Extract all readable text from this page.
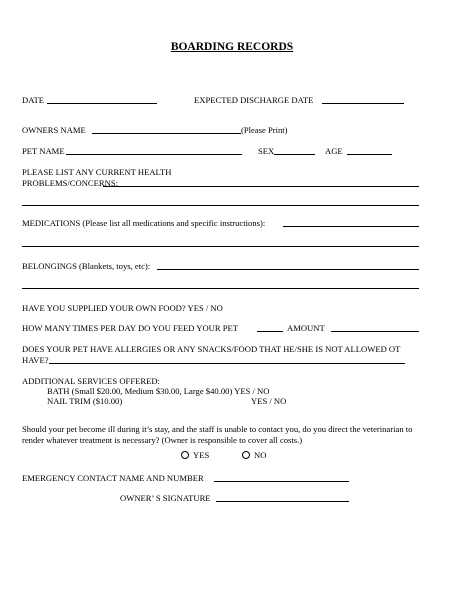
BOARDING RECORDS
DATE	EXPECTED DISCHARGE DATE
OWNERS NAME	(Please Print)
PET NAME	SEX	AGE
PLEASE LIST ANY CURRENT HEALTH
PROBLEMS/CONCERNS:
MEDICATIONS (Please list all medications and specific instructions):
BELONGINGS (Blankets, toys, etc):
HAVE YOU SUPPLIED YOUR OWN FOOD? YES / NO
HOW MANY TIMES PER DAY DO YOU FEED YOUR PET	AMOUNT
DOES YOUR PET HAVE ALLERGIES OR ANY SNACKS/FOOD THAT HE/SHE IS NOT ALLOWED OT
HAVE?
ADDITIONAL SERVICES OFFERED:
BATH (Small $20.00, Medium $30.00, Large $40.00) YES / NO
NAIL TRIM ($10.00)	YES / NO
Should your pet become ill during it’s stay, and the staff is unable to contact you, do you direct the veterinarian to
render whatever treatment is necessary? (Owner is responsible to cover all costs.)
YES	NO
EMERGENCY CONTACT NAME AND NUMBER
OWNER’ S SIGNATURE
